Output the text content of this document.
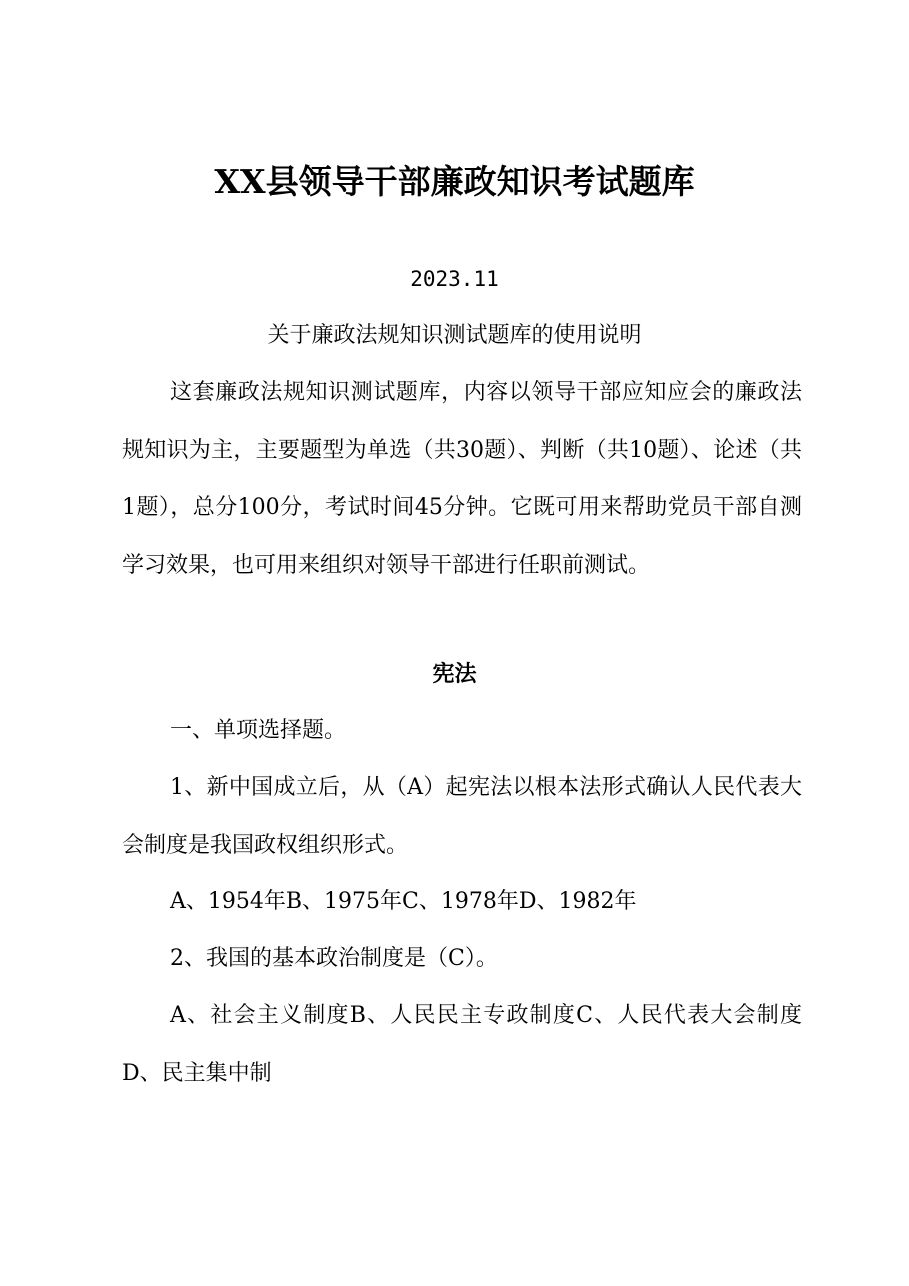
XX县领导干部廉政知识考试题库
2023.11
关于廉政法规知识测试题库的使用说明
这套廉政法规知识测试题库，内容以领导干部应知应会的廉政法规知识为主，主要题型为单选（共30题）、判断（共10题）、论述（共1题），总分100分，考试时间45分钟。它既可用来帮助党员干部自测学习效果，也可用来组织对领导干部进行任职前测试。
宪法
一、单项选择题。
1、新中国成立后，从（A）起宪法以根本法形式确认人民代表大会制度是我国政权组织形式。
A、1954年B、1975年C、1978年D、1982年
2、我国的基本政治制度是（C）。
A、社会主义制度B、人民民主专政制度C、人民代表大会制度D、民主集中制
